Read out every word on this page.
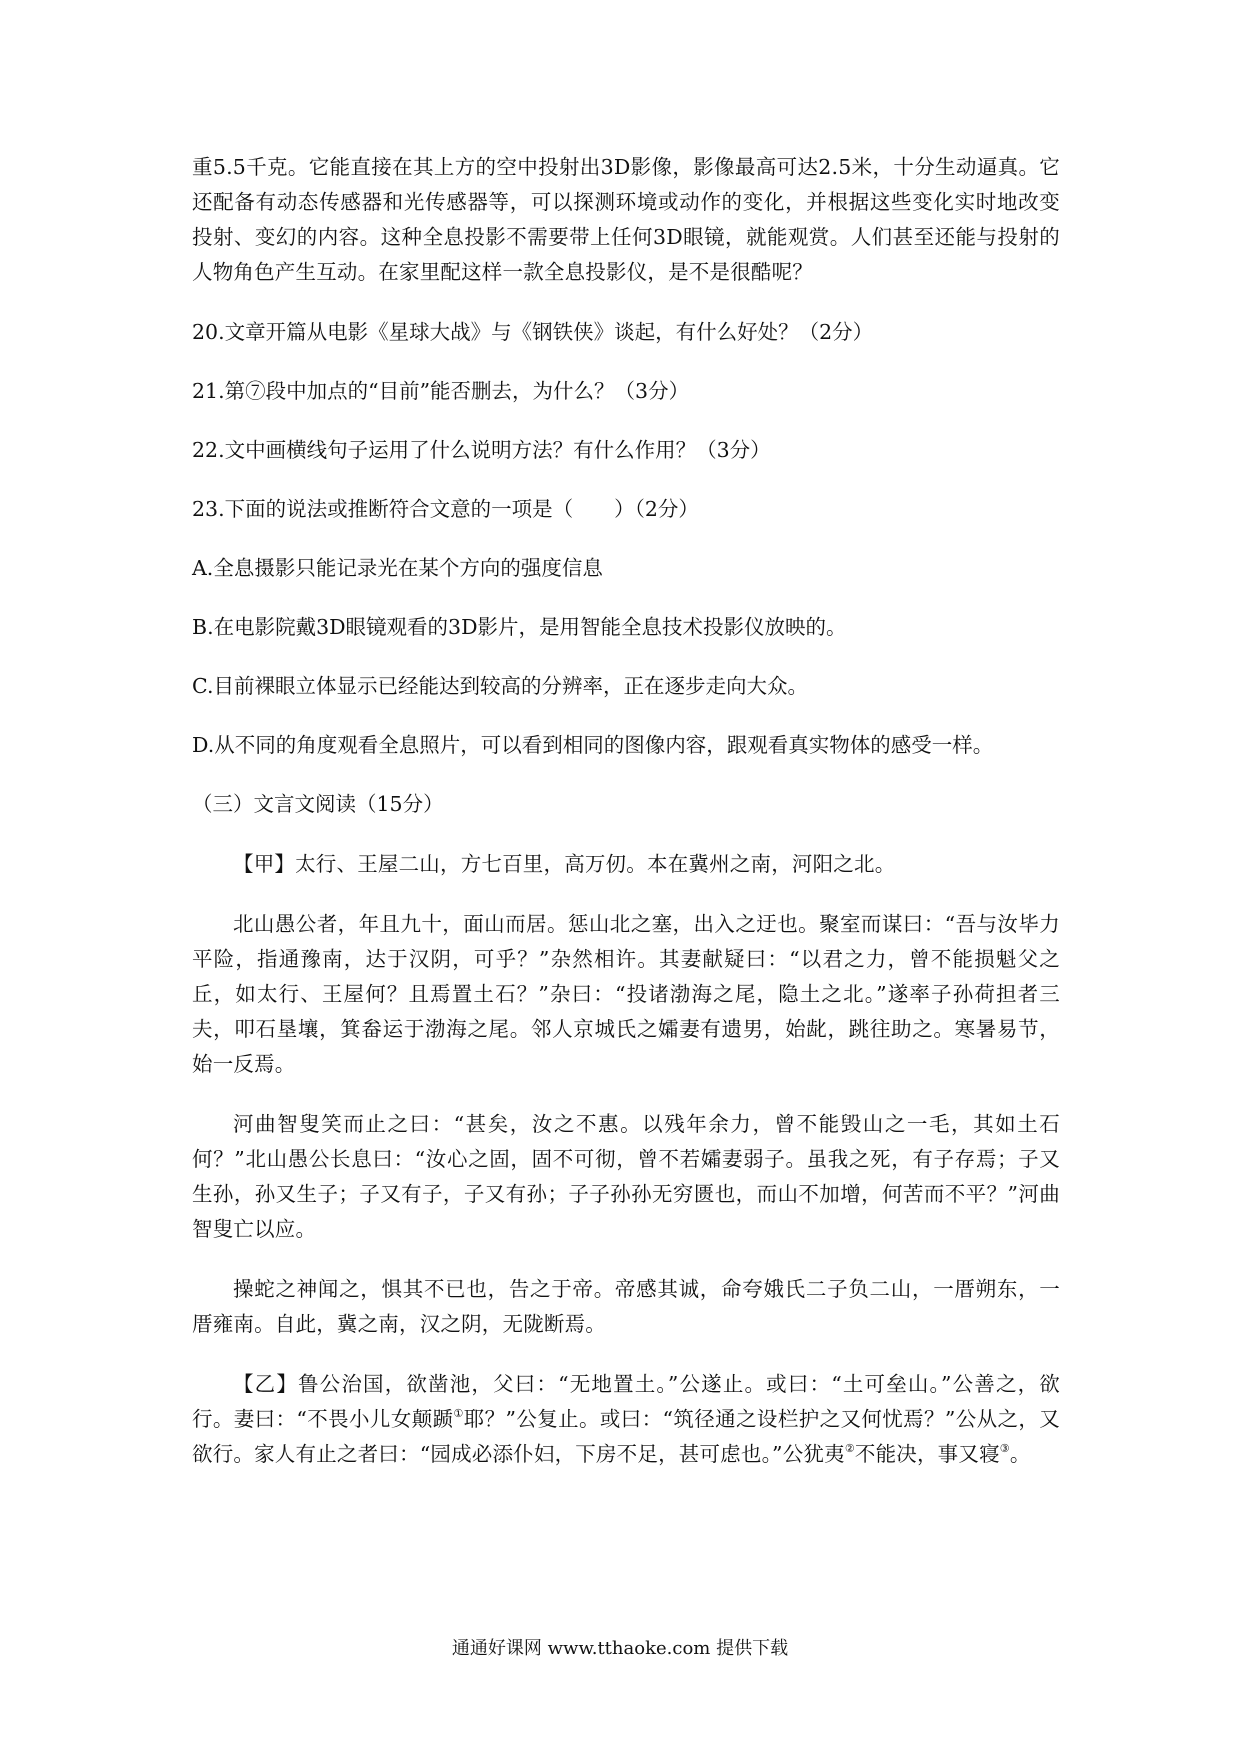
重5.5千克。它能直接在其上方的空中投射出3D影像，影像最高可达2.5米，十分生动逼真。它还配备有动态传感器和光传感器等，可以探测环境或动作的变化，并根据这些变化实时地改变投射、变幻的内容。这种全息投影不需要带上任何3D眼镜，就能观赏。人们甚至还能与投射的人物角色产生互动。在家里配这样一款全息投影仪，是不是很酷呢？

20.文章开篇从电影《星球大战》与《钢铁侠》谈起，有什么好处？（2分）

21.第⑦段中加点的“目前”能否删去，为什么？（3分）

22.文中画横线句子运用了什么说明方法？有什么作用？（3分）

23.下面的说法或推断符合文意的一项是（　　）（2分）

A.全息摄影只能记录光在某个方向的强度信息

B.在电影院戴3D眼镜观看的3D影片，是用智能全息技术投影仪放映的。

C.目前裸眼立体显示已经能达到较高的分辨率，正在逐步走向大众。

D.从不同的角度观看全息照片，可以看到相同的图像内容，跟观看真实物体的感受一样。

（三）文言文阅读（15分）

【甲】太行、王屋二山，方七百里，高万仞。本在冀州之南，河阳之北。

北山愚公者，年且九十，面山而居。惩山北之塞，出入之迂也。聚室而谋曰：“吾与汝毕力平险，指通豫南，达于汉阴，可乎？”杂然相许。其妻献疑曰：“以君之力，曾不能损魁父之丘，如太行、王屋何？且焉置土石？”杂曰：“投诸渤海之尾，隐土之北。”遂率子孙荷担者三夫，叩石垦壤，箕畚运于渤海之尾。邻人京城氏之孀妻有遗男，始龀，跳往助之。寒暑易节，始一反焉。

河曲智叟笑而止之曰：“甚矣，汝之不惠。以残年余力，曾不能毁山之一毛，其如土石何？”北山愚公长息曰：“汝心之固，固不可彻，曾不若孀妻弱子。虽我之死，有子存焉；子又生孙，孙又生子；子又有子，子又有孙；子子孙孙无穷匮也，而山不加增，何苦而不平？”河曲智叟亡以应。

操蛇之神闻之，惧其不已也，告之于帝。帝感其诚，命夸娥氏二子负二山，一厝朔东，一厝雍南。自此，冀之南，汉之阴，无陇断焉。

【乙】鲁公治国，欲凿池，父曰：“无地置土。”公遂止。或曰：“土可垒山。”公善之，欲行。妻曰：“不畏小儿女颠踬①耶？”公复止。或曰：“筑径通之设栏护之又何忧焉？”公从之，又欲行。家人有止之者曰：“园成必添仆妇，下房不足，甚可虑也。”公犹夷②不能决，事又寝③。

通通好课网 www.tthaoke.com 提供下载
